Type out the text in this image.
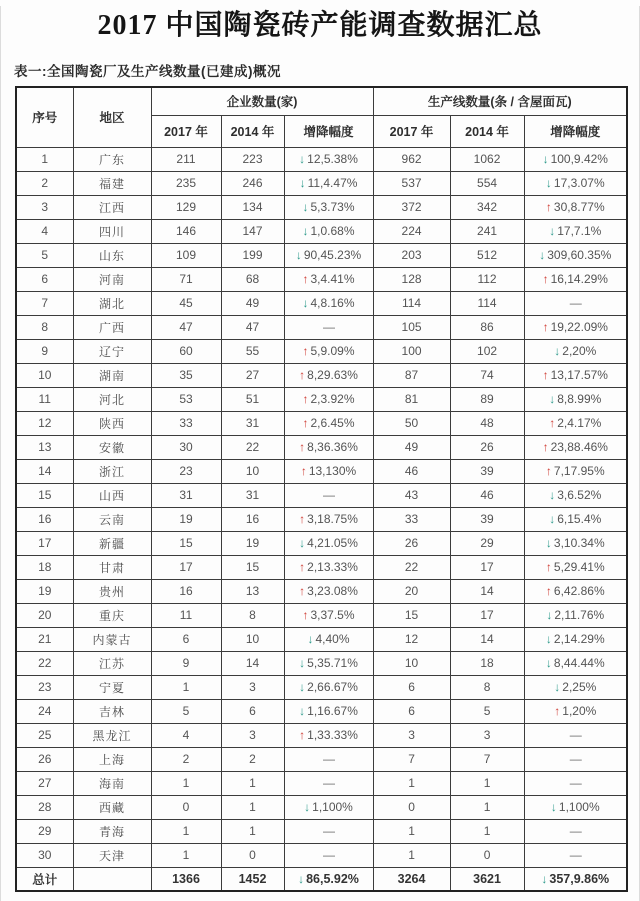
2017 中国陶瓷砖产能调查数据汇总
表一:全国陶瓷厂及生产线数量(已建成)概况
序号	地区	企业数量(家)			生产线数量(条 / 含屋面瓦)		
		2017 年	2014 年	增降幅度	2017 年	2014 年	增降幅度
1	广东	211	223	↓ 12,5.38%	962	1062	↓ 100,9.42%
2	福建	235	246	↓ 11,4.47%	537	554	↓ 17,3.07%
3	江西	129	134	↓ 5,3.73%	372	342	↑ 30,8.77%
4	四川	146	147	↓ 1,0.68%	224	241	↓ 17,7.1%
5	山东	109	199	↓ 90,45.23%	203	512	↓ 309,60.35%
6	河南	71	68	↑ 3,4.41%	128	112	↑ 16,14.29%
7	湖北	45	49	↓ 4,8.16%	114	114	—
8	广西	47	47	—	105	86	↑ 19,22.09%
9	辽宁	60	55	↑ 5,9.09%	100	102	↓ 2,20%
10	湖南	35	27	↑ 8,29.63%	87	74	↑ 13,17.57%
11	河北	53	51	↑ 2,3.92%	81	89	↓ 8,8.99%
12	陕西	33	31	↑ 2,6.45%	50	48	↑ 2,4.17%
13	安徽	30	22	↑ 8,36.36%	49	26	↑ 23,88.46%
14	浙江	23	10	↑ 13,130%	46	39	↑ 7,17.95%
15	山西	31	31	—	43	46	↓ 3,6.52%
16	云南	19	16	↑ 3,18.75%	33	39	↓ 6,15.4%
17	新疆	15	19	↓ 4,21.05%	26	29	↓ 3,10.34%
18	甘肃	17	15	↑ 2,13.33%	22	17	↑ 5,29.41%
19	贵州	16	13	↑ 3,23.08%	20	14	↑ 6,42.86%
20	重庆	11	8	↑ 3,37.5%	15	17	↓ 2,11.76%
21	内蒙古	6	10	↓ 4,40%	12	14	↓ 2,14.29%
22	江苏	9	14	↓ 5,35.71%	10	18	↓ 8,44.44%
23	宁夏	1	3	↓ 2,66.67%	6	8	↓ 2,25%
24	吉林	5	6	↓ 1,16.67%	6	5	↑ 1,20%
25	黑龙江	4	3	↑ 1,33.33%	3	3	—
26	上海	2	2	—	7	7	—
27	海南	1	1	—	1	1	—
28	西藏	0	1	↓ 1,100%	0	1	↓ 1,100%
29	青海	1	1	—	1	1	—
30	天津	1	0	—	1	0	—
总计		1366	1452	↓ 86,5.92%	3264	3621	↓ 357,9.86%
